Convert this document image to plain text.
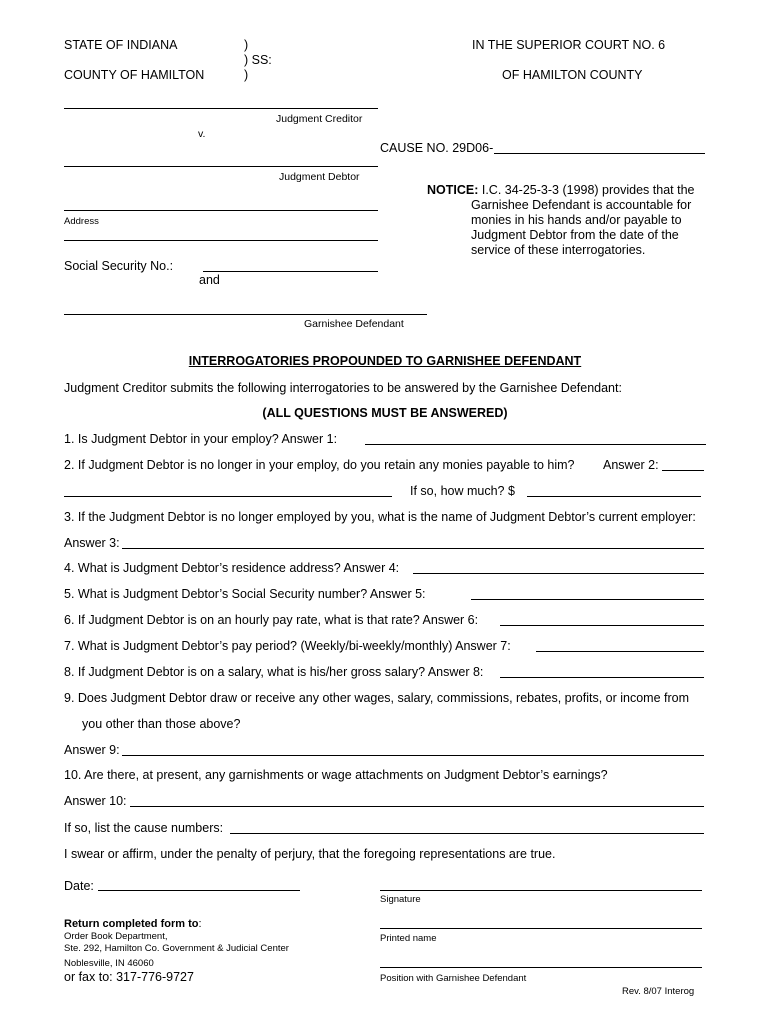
STATE OF INDIANA
COUNTY OF HAMILTON
)
) SS:
)
IN THE SUPERIOR COURT NO. 6
OF HAMILTON COUNTY
Judgment Creditor
v.
CAUSE NO. 29D06-
Judgment Debtor
Address
Social Security No.:
and
Garnishee Defendant
NOTICE: I.C. 34-25-3-3 (1998) provides that the
Garnishee Defendant is accountable for
monies in his hands and/or payable to
Judgment Debtor from the date of the
service of these interrogatories.
INTERROGATORIES PROPOUNDED TO GARNISHEE DEFENDANT
Judgment Creditor submits the following interrogatories to be answered by the Garnishee Defendant:
(ALL QUESTIONS MUST BE ANSWERED)
1. Is Judgment Debtor in your employ? Answer 1:
2. If Judgment Debtor is no longer in your employ, do you retain any monies payable to him? Answer 2:
If so, how much? $
3. If the Judgment Debtor is no longer employed by you, what is the name of Judgment Debtor’s current employer:
Answer 3:
4. What is Judgment Debtor’s residence address? Answer 4:
5. What is Judgment Debtor’s Social Security number? Answer 5:
6. If Judgment Debtor is on an hourly pay rate, what is that rate? Answer 6:
7. What is Judgment Debtor’s pay period? (Weekly/bi-weekly/monthly) Answer 7:
8. If Judgment Debtor is on a salary, what is his/her gross salary? Answer 8:
9. Does Judgment Debtor draw or receive any other wages, salary, commissions, rebates, profits, or income from
you other than those above?
Answer 9:
10. Are there, at present, any garnishments or wage attachments on Judgment Debtor’s earnings?
Answer 10:
If so, list the cause numbers:
I swear or affirm, under the penalty of perjury, that the foregoing representations are true.
Date:
Signature
Printed name
Position with Garnishee Defendant
Return completed form to:
Order Book Department,
Ste. 292, Hamilton Co. Government & Judicial Center
Noblesville, IN 46060
or fax to: 317-776-9727
Rev. 8/07 Interog
